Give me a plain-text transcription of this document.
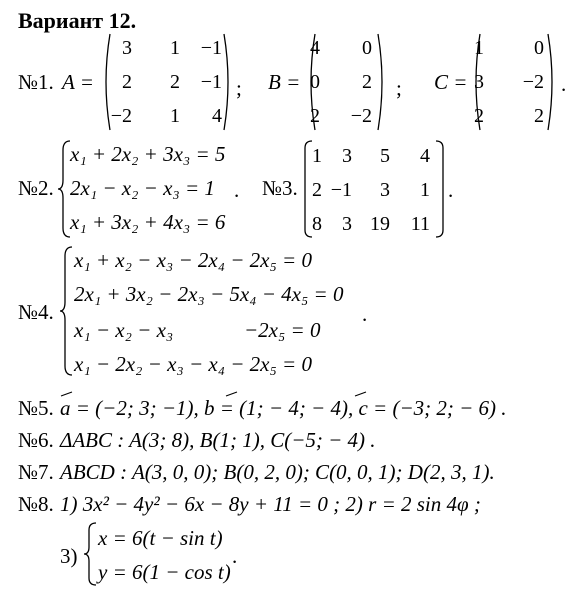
Вариант 12.
№1. A =
3	1	−1
2	2	−1
−2	1	4
; B =
4	0
0	2
2	−2
; C =
1	0
3	−2
2	2
.
№2.
x₁ + 2x₂ + 3x₃ = 5
2x₁ − x₂ − x₃ = 1
x₁ + 3x₂ + 4x₃ = 6
. №3.
1	3	5	4
2 −1	3	1
8	3 19	11
.
№4.
x₁ + x₂ − x₃ − 2x₄ − 2x₅ = 0
2x₁ + 3x₂ − 2x₃ − 5x₄ − 4x₅ = 0
x₁ − x₂ − x₃	−2x₅ = 0
x₁ − 2x₂ − x₃ − x₄ − 2x₅ = 0
.
№5. a = (−2; 3; −1), b = (1; − 4; − 4), c = (−3; 2; − 6) .
№6. ΔABC : A(3; 8), B(1; 1), C(−5; − 4) .
№7. ABCD : A(3, 0, 0); B(0, 2, 0); C(0, 0, 1); D(2, 3, 1).
№8. 1) 3x² − 4y² − 6x − 8y + 11 = 0 ; 2) r = 2 sin 4φ ;
3)
x = 6(t − sin t)
y = 6(1 − cos t)
.
